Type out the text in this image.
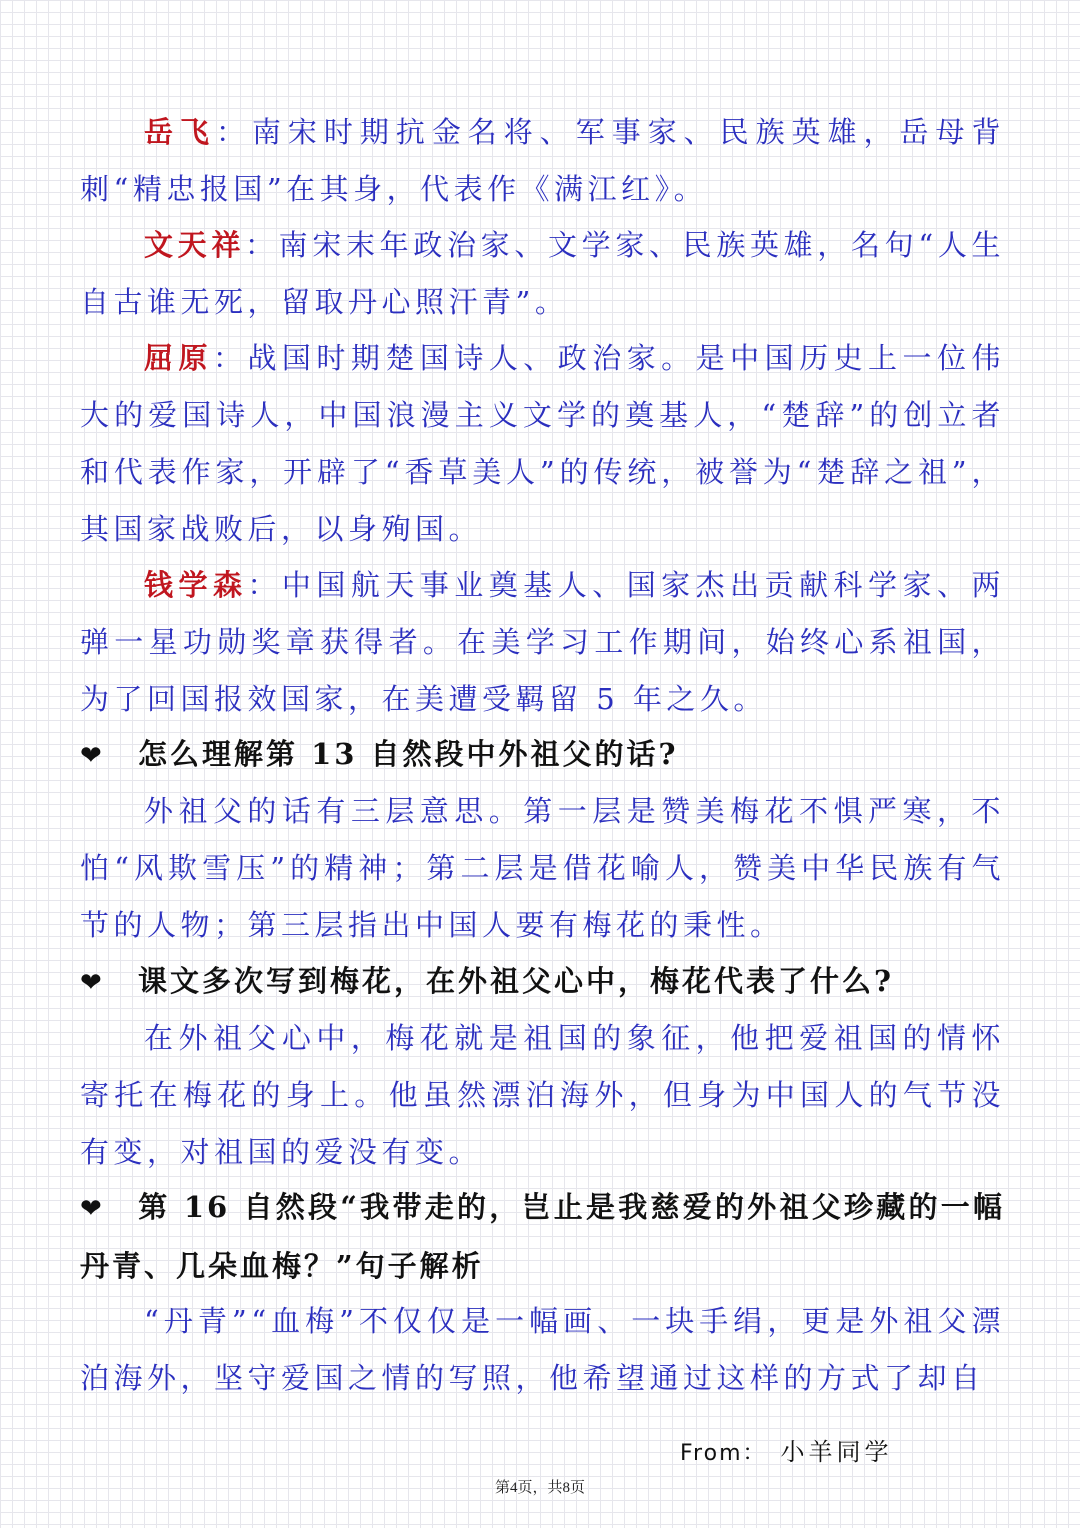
岳飞：南宋时期抗金名将、军事家、民族英雄，岳母背刺“精忠报国”在其身，代表作《满江红》。
文天祥：南宋末年政治家、文学家、民族英雄，名句“人生自古谁无死，留取丹心照汗青”。
屈原：战国时期楚国诗人、政治家。是中国历史上一位伟大的爱国诗人，中国浪漫主义文学的奠基人，“楚辞”的创立者和代表作家，开辟了“香草美人”的传统，被誉为“楚辞之祖”，其国家战败后，以身殉国。
钱学森：中国航天事业奠基人、国家杰出贡献科学家、两弹一星功勋奖章获得者。在美学习工作期间，始终心系祖国，为了回国报效国家，在美遭受羁留 5 年之久。
❤ 怎么理解第 13 自然段中外祖父的话?
外祖父的话有三层意思。第一层是赞美梅花不惧严寒，不怕“风欺雪压”的精神；第二层是借花喻人，赞美中华民族有气节的人物；第三层指出中国人要有梅花的秉性。
❤ 课文多次写到梅花，在外祖父心中，梅花代表了什么?
在外祖父心中，梅花就是祖国的象征，他把爱祖国的情怀寄托在梅花的身上。他虽然漂泊海外，但身为中国人的气节没有变，对祖国的爱没有变。
❤ 第 16 自然段“我带走的，岂止是我慈爱的外祖父珍藏的一幅丹青、几朵血梅？”句子解析
“丹青”“血梅”不仅仅是一幅画、一块手绢，更是外祖父漂泊海外，坚守爱国之情的写照，他希望通过这样的方式了却自
From： 小羊同学
第4页，共8页
